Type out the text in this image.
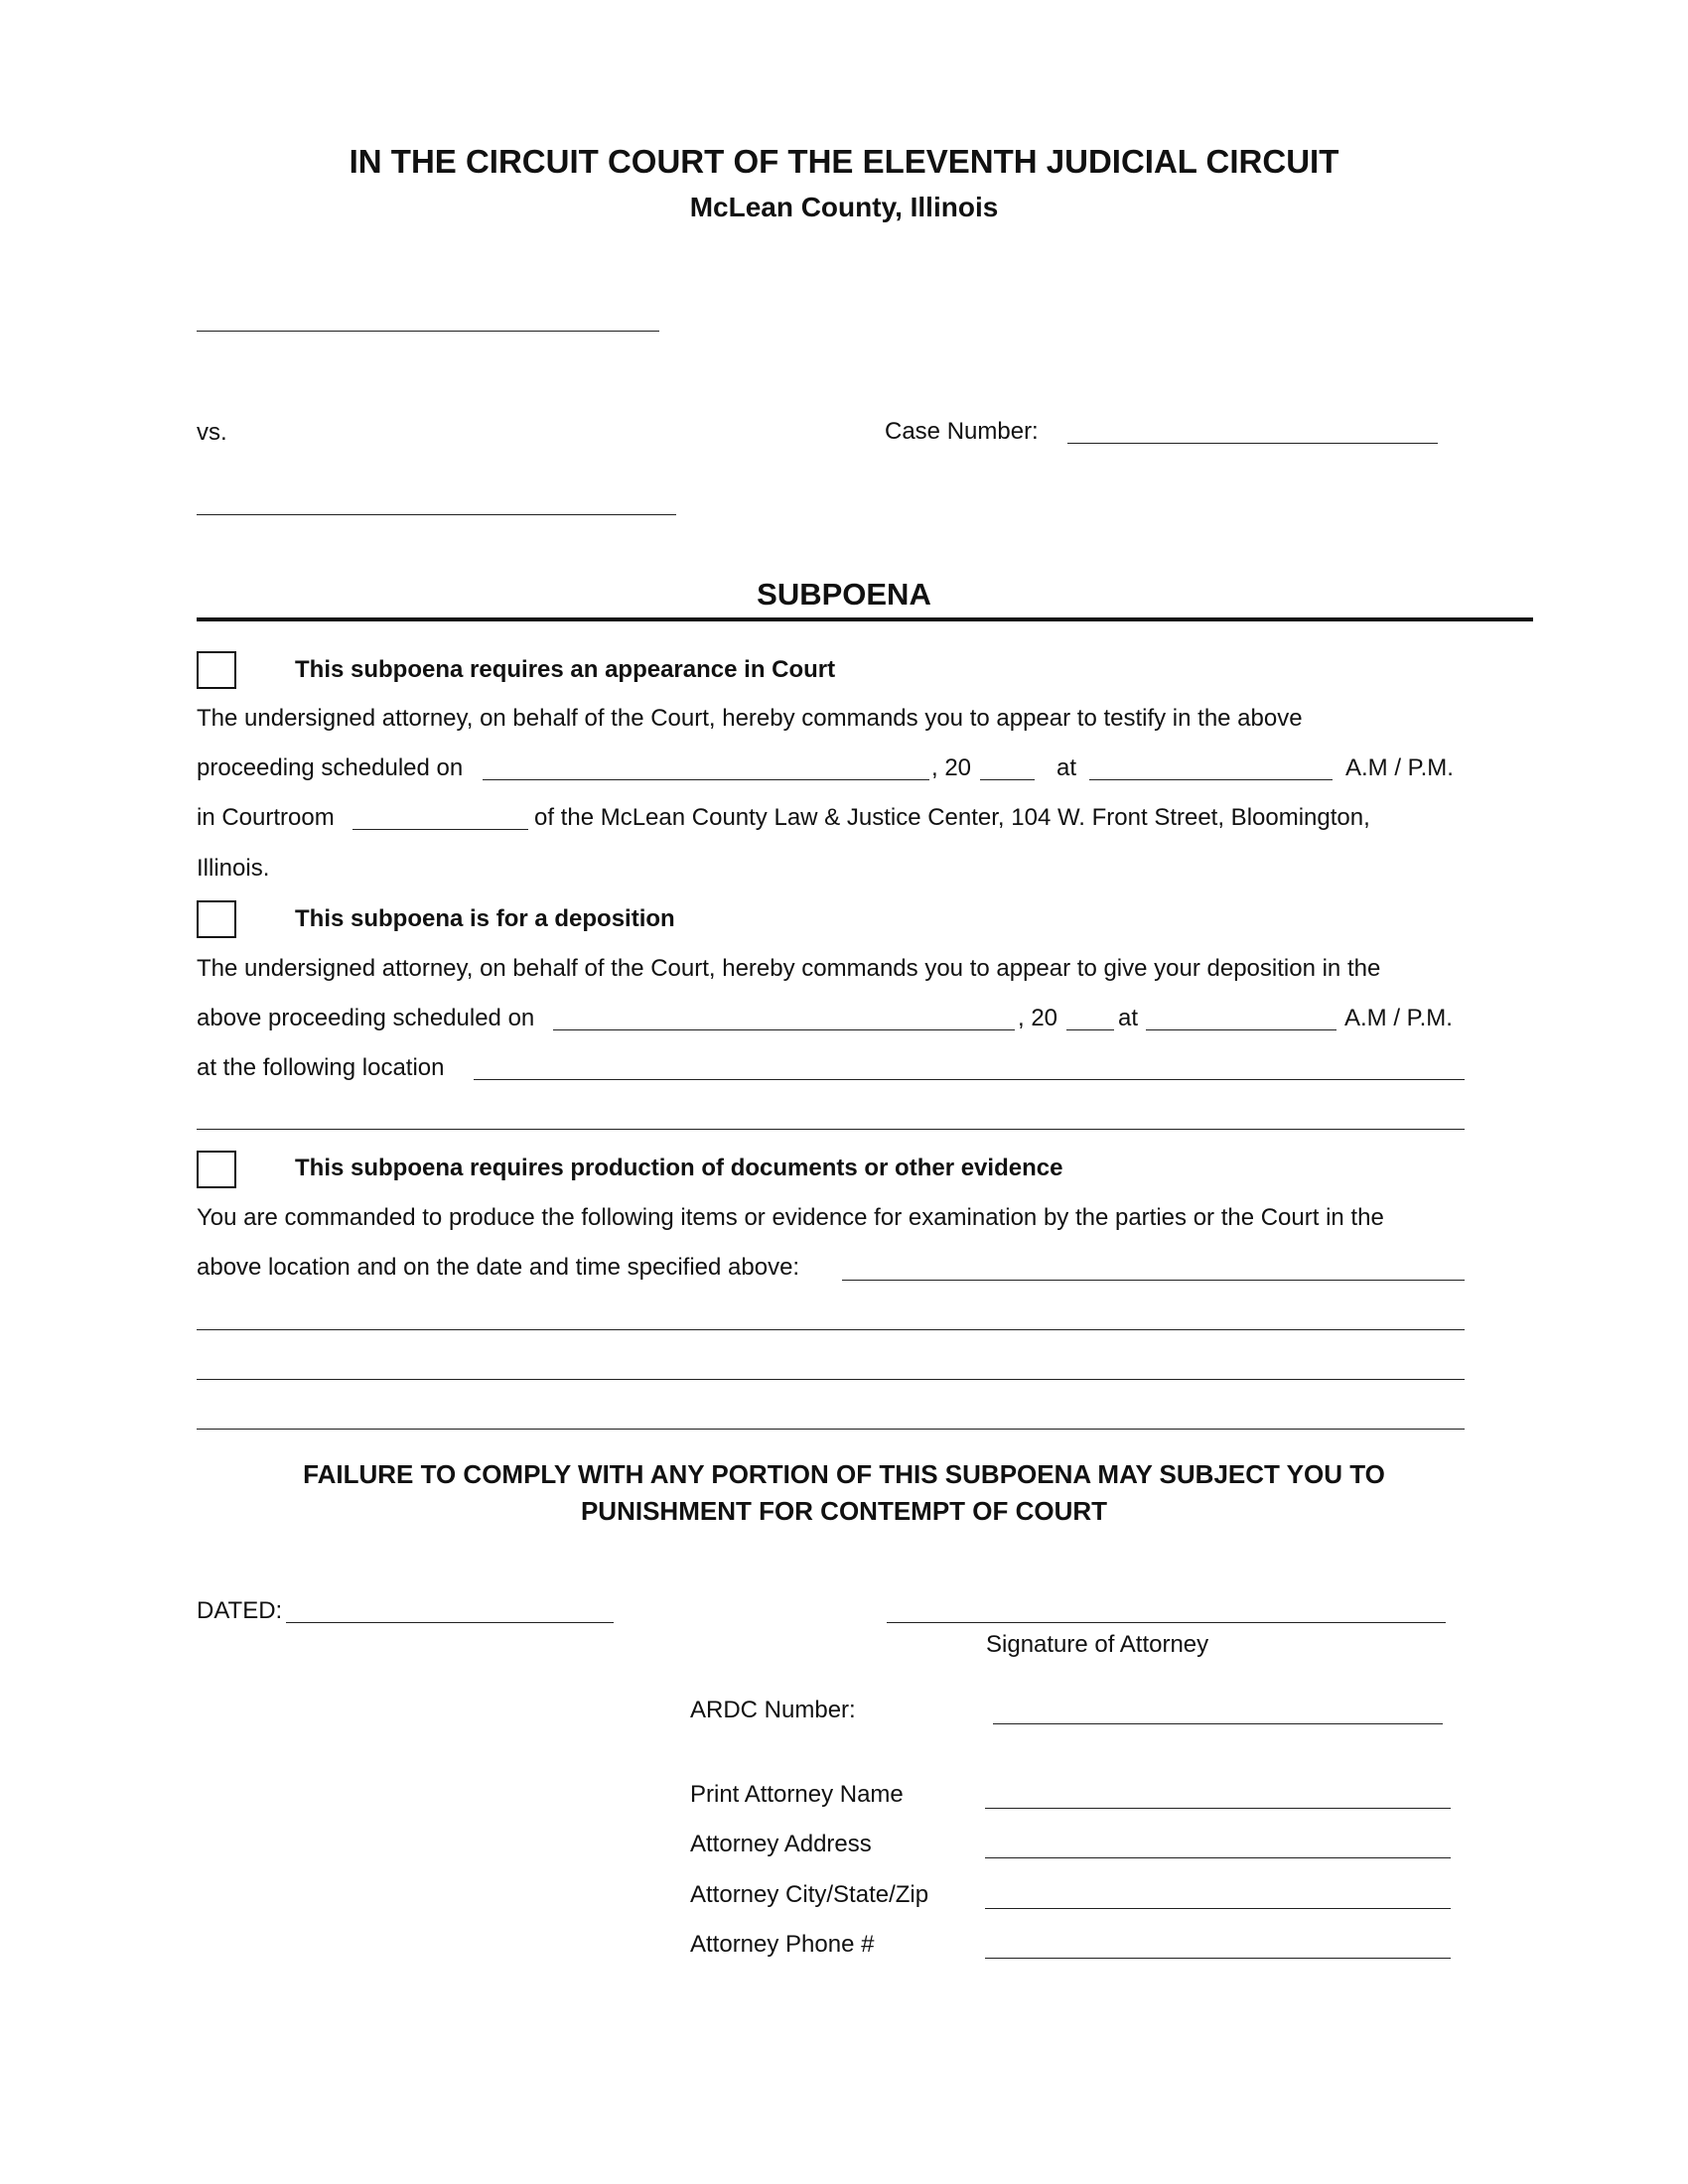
IN THE CIRCUIT COURT OF THE ELEVENTH JUDICIAL CIRCUIT
McLean County, Illinois
vs.	Case Number:
SUBPOENA
This subpoena requires an appearance in Court
The undersigned attorney, on behalf of the Court, hereby commands you to appear to testify in the above
proceeding scheduled on	, 20	at	A.M / P.M.
in Courtroom	of the McLean County Law & Justice Center, 104 W. Front Street, Bloomington,
Illinois.
This subpoena is for a deposition
The undersigned attorney, on behalf of the Court, hereby commands you to appear to give your deposition in the
above proceeding scheduled on	, 20	at	A.M / P.M.
at the following location
This subpoena requires production of documents or other evidence
You are commanded to produce the following items or evidence for examination by the parties or the Court in the
above location and on the date and time specified above:
FAILURE TO COMPLY WITH ANY PORTION OF THIS SUBPOENA MAY SUBJECT YOU TO
PUNISHMENT FOR CONTEMPT OF COURT
DATED:
Signature of Attorney
ARDC Number:
Print Attorney Name
Attorney Address
Attorney City/State/Zip
Attorney Phone #
